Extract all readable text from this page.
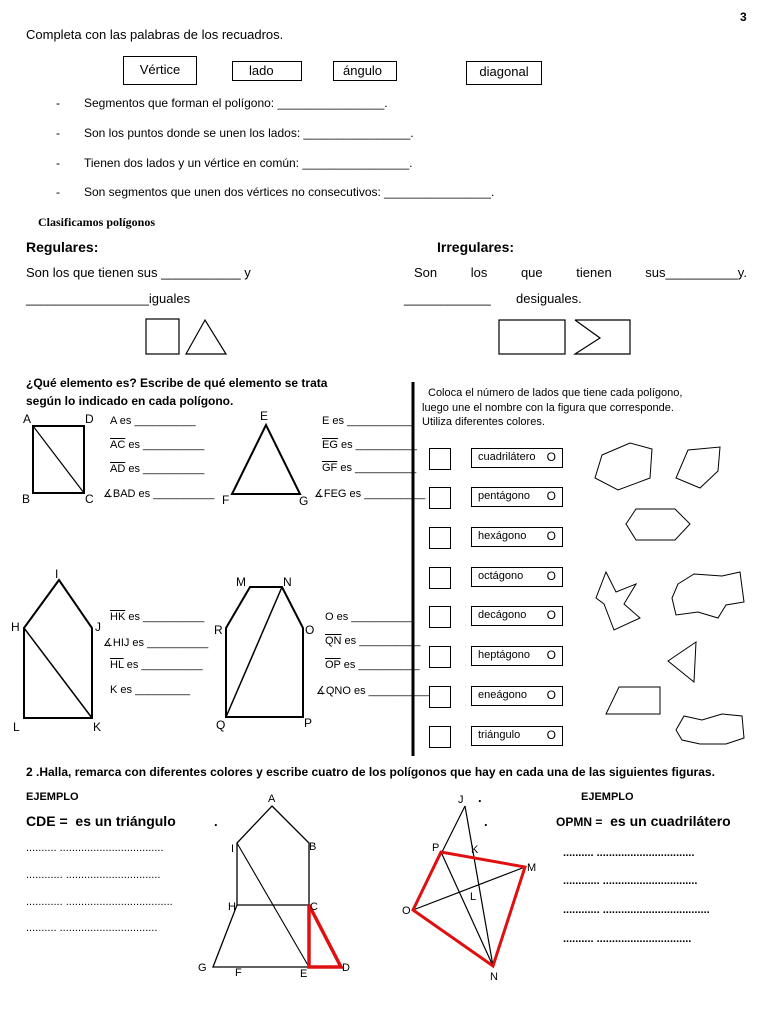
3
Completa con las palabras de los recuadros.
Vértice	lado	ángulo	diagonal
- Segmentos que forman el polígono: ________________.
- Son los puntos donde se unen los lados: ________________.
- Tienen dos lados y un vértice en común: ________________.
- Son segmentos que unen dos vértices no consecutivos: ________________.
Clasificamos polígonos
Regulares:
Son los que tienen sus ___________ y
_________________iguales
Irregulares:
Son	los	que	tienen	sus__________y.
____________ desiguales.
A	D
B	C
E
F	G
I
H	J
L	K
M	N
R	O
Q	P
A
I	B
H	C
G	F	E	D
J
P	K
M
L
O
N
¿Qué elemento es? Escribe de qué elemento se trata
según lo indicado en cada polígono.
A es __________
$\overline{AC}$ es __________
$\overline{AD}$ es __________
∡BAD es __________
E es ___________
$\overline{EG}$ es __________
$\overline{GF}$ es __________
∡FEG es __________
$\overline{HK}$ es __________
∡HIJ es __________
$\overline{HL}$ es __________
K es _________
O es __________
$\overline{QN}$ es __________
$\overline{OP}$ es __________
∡QNO es __________
Coloca el número de lados que tiene cada polígono,
luego une el nombre con la figura que corresponde.
Utiliza diferentes colores.
cuadrilátero O
pentágono O
hexágono O
octágono O
decágono O
heptágono O
eneágono O
triángulo O
2 .Halla, remarca con diferentes colores y escribe cuatro de los polígonos que hay en cada una de las siguientes figuras.
EJEMPLO
CDE = es un triángulo	.
.......... ..................................
............ ...............................
............ ...................................
.......... ................................
EJEMPLO
.
.	OPMN = es un cuadrilátero
.......... ................................
............ ...............................
............ ...................................
.......... ...............................
